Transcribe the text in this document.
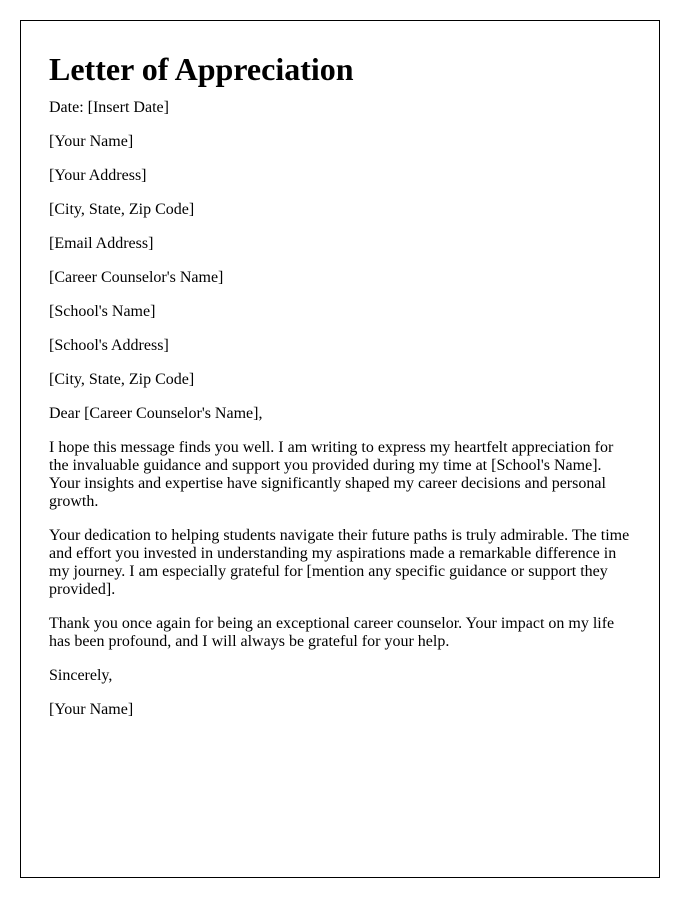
Letter of Appreciation
Date: [Insert Date]
[Your Name]
[Your Address]
[City, State, Zip Code]
[Email Address]
[Career Counselor's Name]
[School's Name]
[School's Address]
[City, State, Zip Code]
Dear [Career Counselor's Name],

I hope this message finds you well. I am writing to express my heartfelt appreciation for the invaluable guidance and support you provided during my time at [School's Name]. Your insights and expertise have significantly shaped my career decisions and personal growth.

Your dedication to helping students navigate their future paths is truly admirable. The time and effort you invested in understanding my aspirations made a remarkable difference in my journey. I am especially grateful for [mention any specific guidance or support they provided].

Thank you once again for being an exceptional career counselor. Your impact on my life has been profound, and I will always be grateful for your help.

Sincerely,
[Your Name]
